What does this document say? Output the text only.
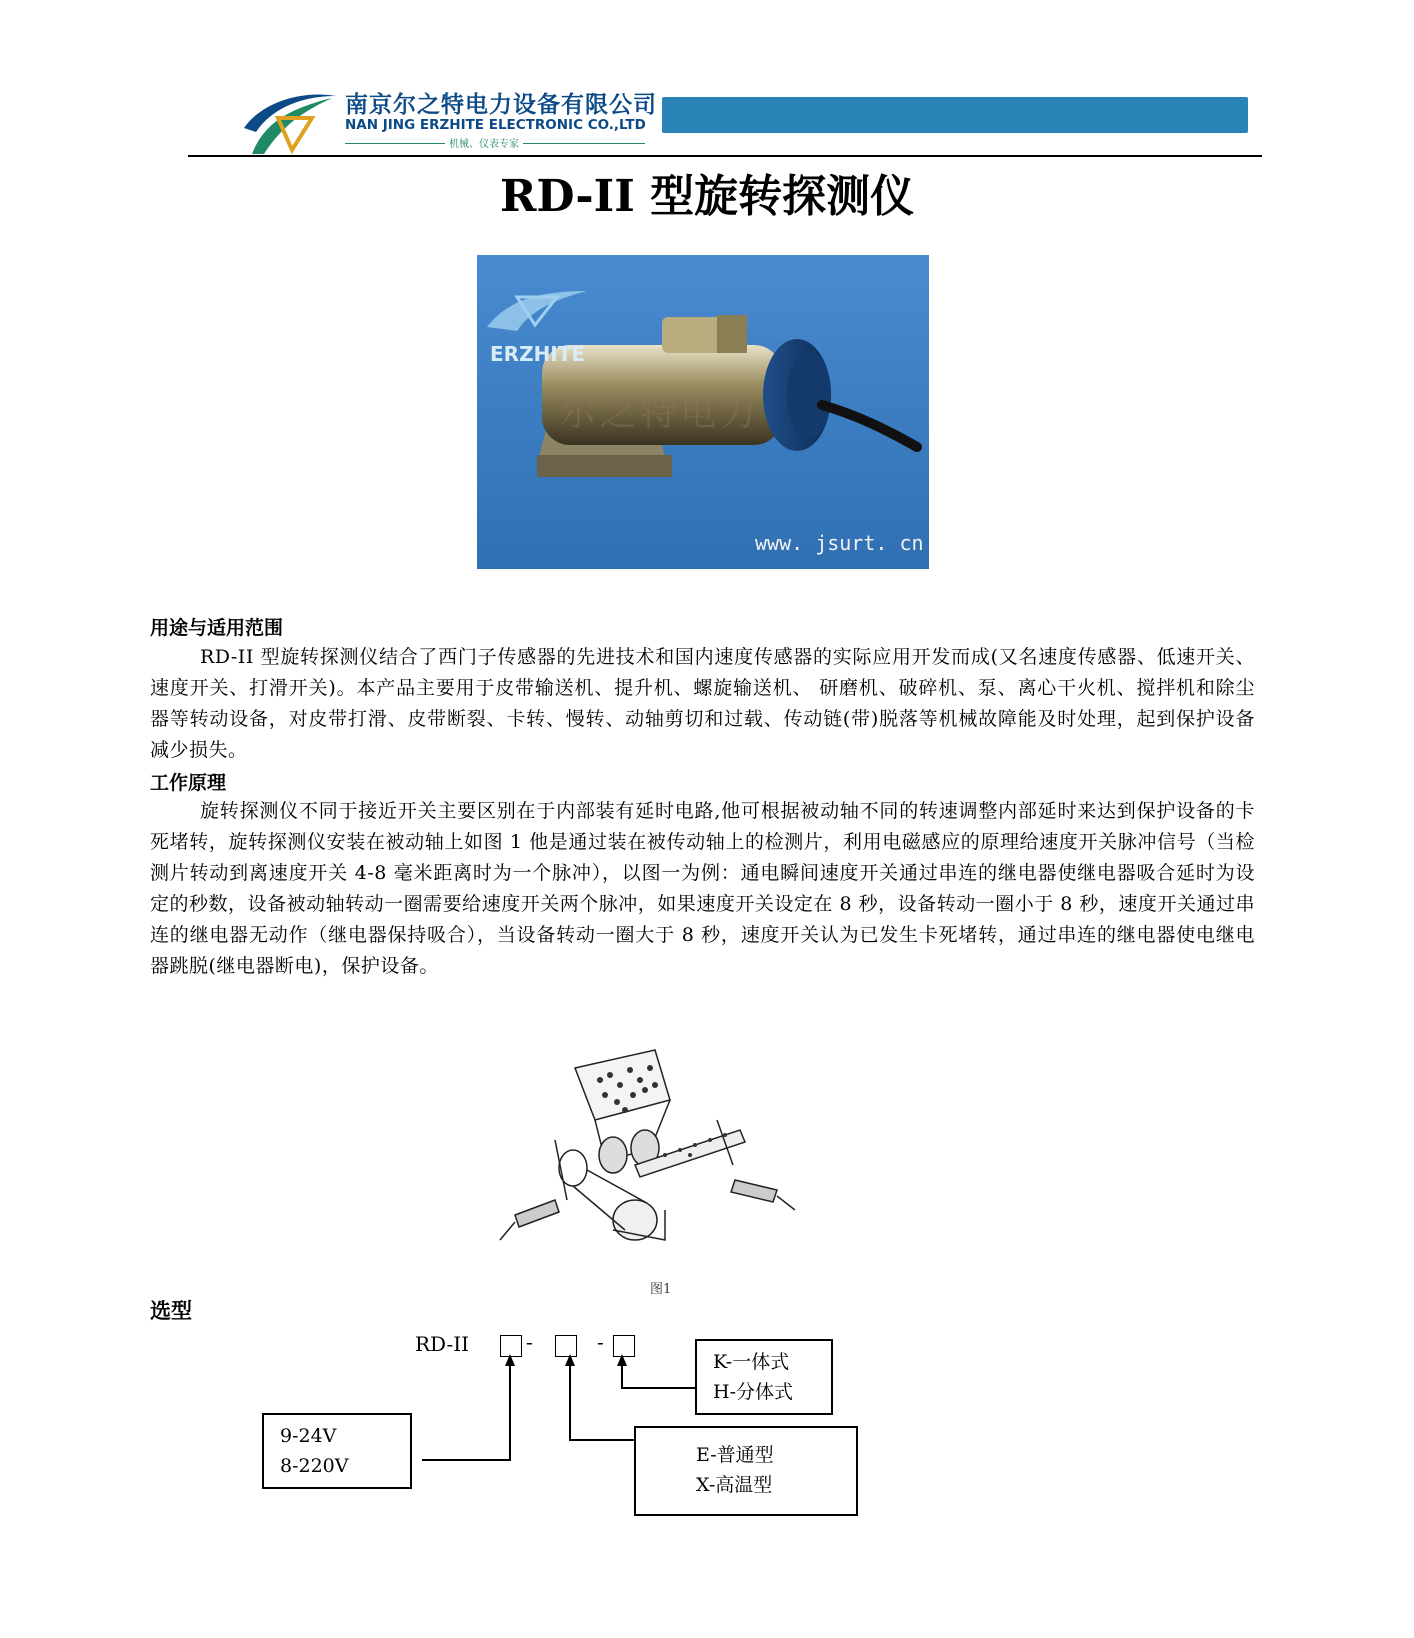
南京尔之特电力设备有限公司
NAN JING ERZHITE ELECTRONIC CO.,LTD
机械、仪表专家
RD-II 型旋转探测仪
ERZHITE
尔之特电力
www. jsurt. cn
用途与适用范围
RD-II 型旋转探测仪结合了西门子传感器的先进技术和国内速度传感器的实际应用开发而成(又名速度传感器、低速开关、速度开关、打滑开关)。本产品主要用于皮带输送机、提升机、螺旋输送机、 研磨机、破碎机、泵、离心干火机、搅拌机和除尘器等转动设备，对皮带打滑、皮带断裂、卡转、慢转、动轴剪切和过载、传动链(带)脱落等机械故障能及时处理，起到保护设备减少损失。
工作原理
旋转探测仪不同于接近开关主要区别在于内部装有延时电路,他可根据被动轴不同的转速调整内部延时来达到保护设备的卡死堵转，旋转探测仪安装在被动轴上如图 1 他是通过装在被传动轴上的检测片，利用电磁感应的原理给速度开关脉冲信号（当检测片转动到离速度开关 4-8 毫米距离时为一个脉冲），以图一为例：通电瞬间速度开关通过串连的继电器使继电器吸合延时为设定的秒数，设备被动轴转动一圈需要给速度开关两个脉冲，如果速度开关设定在 8 秒，设备转动一圈小于 8 秒，速度开关通过串连的继电器无动作（继电器保持吸合），当设备转动一圈大于 8 秒，速度开关认为已发生卡死堵转，通过串连的继电器使电继电器跳脱(继电器断电)，保护设备。
图1
选型
RD-II	-	-
K-一体式
H-分体式
9-24V
8-220V	E-普通型
X-高温型
